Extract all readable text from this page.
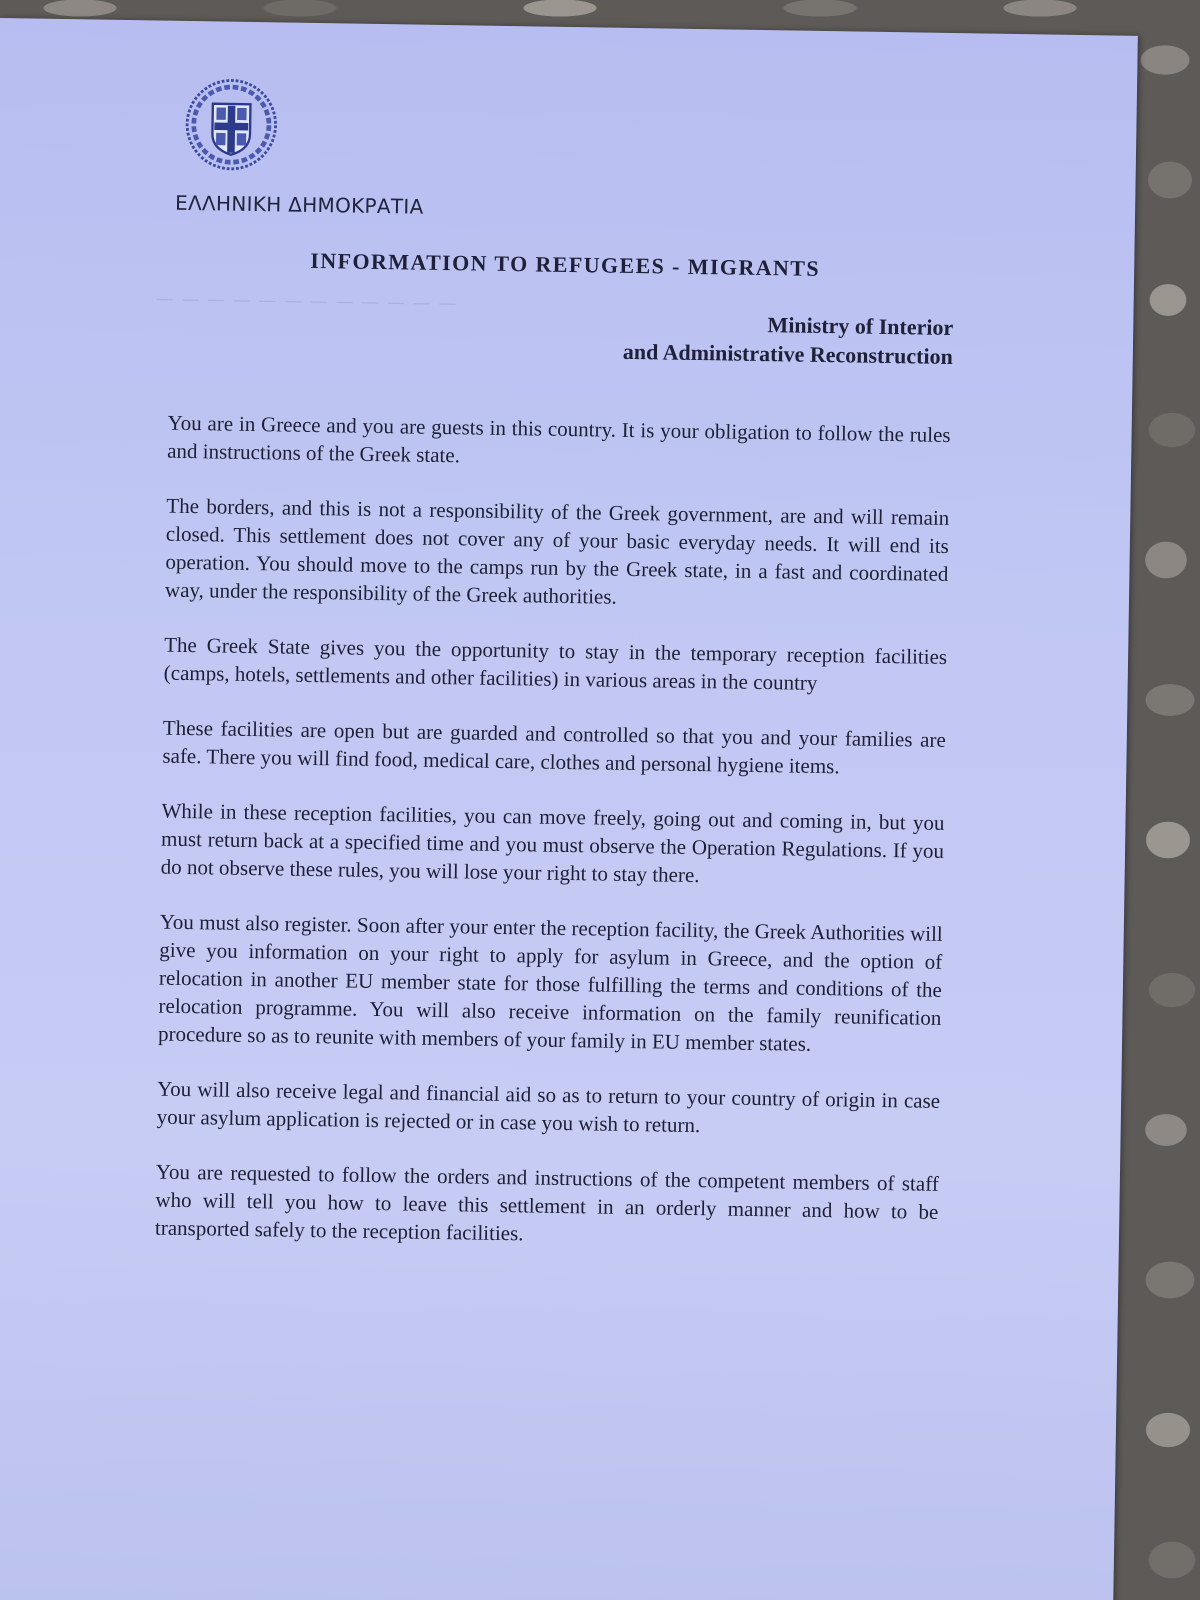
ΕΛΛΗΝΙΚΗ ΔΗΜΟΚΡΑΤΙΑ
— — — — — — — — — — — —
INFORMATION TO REFUGEES - MIGRANTS
Ministry of Interior
and Administrative Reconstruction

You are in Greece and you are guests in this country. It is your obligation to follow the rules and instructions of the Greek state.

The borders, and this is not a responsibility of the Greek government, are and will remain closed. This settlement does not cover any of your basic everyday needs. It will end its operation. You should move to the camps run by the Greek state, in a fast and coordinated way, under the responsibility of the Greek authorities.

The Greek State gives you the opportunity to stay in the temporary reception facilities (camps, hotels, settlements and other facilities) in various areas in the country

These facilities are open but are guarded and controlled so that you and your families are safe. There you will find food, medical care, clothes and personal hygiene items.

While in these reception facilities, you can move freely, going out and coming in, but you must return back at a specified time and you must observe the Operation Regulations. If you do not observe these rules, you will lose your right to stay there.

You must also register. Soon after your enter the reception facility, the Greek Authorities will give you information on your right to apply for asylum in Greece, and the option of relocation in another EU member state for those fulfilling the terms and conditions of the relocation programme. You will also receive information on the family reunification procedure so as to reunite with members of your family in EU member states.

You will also receive legal and financial aid so as to return to your country of origin in case your asylum application is rejected or in case you wish to return.

You are requested to follow the orders and instructions of the competent members of staff who will tell you how to leave this settlement in an orderly manner and how to be transported safely to the reception facilities.
